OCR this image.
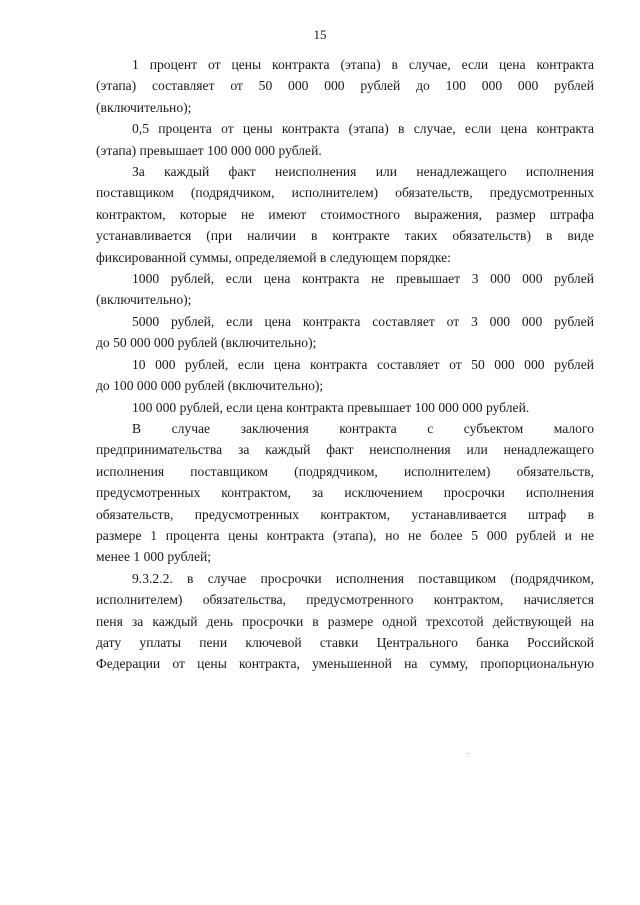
15

1 процент от цены контракта (этапа) в случае, если цена контракта
(этапа) составляет от 50 000 000 рублей до 100 000 000 рублей
(включительно);

0,5 процента от цены контракта (этапа) в случае, если цена контракта
(этапа) превышает 100 000 000 рублей.

За каждый факт неисполнения или ненадлежащего исполнения
поставщиком (подрядчиком, исполнителем) обязательств, предусмотренных
контрактом, которые не имеют стоимостного выражения, размер штрафа
устанавливается (при наличии в контракте таких обязательств) в виде
фиксированной суммы, определяемой в следующем порядке:

1000 рублей, если цена контракта не превышает 3 000 000 рублей
(включительно);

5000 рублей, если цена контракта составляет от 3 000 000 рублей
до 50 000 000 рублей (включительно);

10 000 рублей, если цена контракта составляет от 50 000 000 рублей
до 100 000 000 рублей (включительно);

100 000 рублей, если цена контракта превышает 100 000 000 рублей.

В случае заключения контракта с субъектом малого
предпринимательства за каждый факт неисполнения или ненадлежащего
исполнения поставщиком (подрядчиком, исполнителем) обязательств,
предусмотренных контрактом, за исключением просрочки исполнения
обязательств, предусмотренных контрактом, устанавливается штраф в
размере 1 процента цены контракта (этапа), но не более 5 000 рублей и не
менее 1 000 рублей;

9.3.2.2. в случае просрочки исполнения поставщиком (подрядчиком,
исполнителем) обязательства, предусмотренного контрактом, начисляется
пеня за каждый день просрочки в размере одной трехсотой действующей на
дату уплаты пени ключевой ставки Центрального банка Российской
Федерации от цены контракта, уменьшенной на сумму, пропорциональную
